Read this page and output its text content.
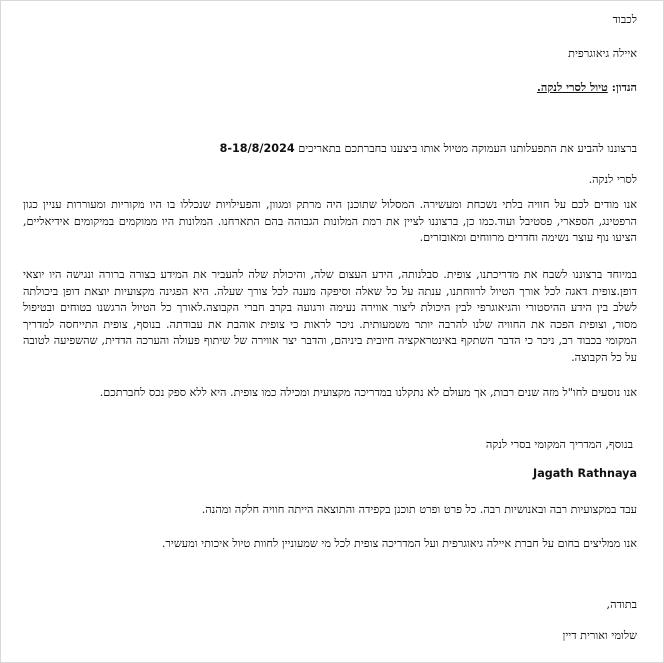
לכבוד
איילה גיאוגרפית
הנדון: טיול לסרי לנקה.
ברצוננו להביע את התפעלותנו העמוקה מטיול אותו ביצענו בחברתכם בתאריכים 8-18/8/2024
לסרי לנקה.
אנו מודים לכם על חוויה בלתי נשכחת ומעשירה. המסלול שתוכנן היה מרתק ומגוון, והפעילויות שנכללו בו היו מקוריות ומעוררות עניין כגון הרפטינג, הספארי, פסטיבל ועוד.כמו כן, ברצוננו לציין את רמת המלונות הגבוהה בהם התארחנו. המלונות היו ממוקמים במיקומים אידיאליים, הציעו נוף עוצר נשימה וחדרים מרווחים ומאובזרים.
במיוחד ברצוננו לשבח את מדריכתנו, צופית. סבלנותה, הידע העצום שלה, והיכולת שלה להעביר את המידע בצורה ברורה ונגישה היו יוצאי דופן.צופית דאגה לכל אורך הטיול לרווחתנו, ענתה על כל שאלה וסיפקה מענה לכל צורך שעלה. היא הפגינה מקצועיות יוצאת דופן ביכולתה לשלב בין הידע ההיסטורי והגיאוגרפי לבין היכולת ליצור אווירה נעימה ורגועה בקרב חברי הקבוצה.לאורך כל הטיול הרגשנו בטוחים ובטיפול מסור, וצופית הפכה את החוויה שלנו להרבה יותר משמעותית. ניכר לראות כי צופית אוהבת את עבודתה. בנוסף, צופית התייחסה למדריך המקומי בכבוד רב, ניכר כי הדבר השתקף באינטראקציה חיובית ביניהם, והדבר יצר אווירה של שיתוף פעולה והערכה הדדית, שהשפיעה לטובה על כל הקבוצה.
אנו נוסעים לחו"ל מזה שנים רבות, אך מעולם לא נתקלנו במדריכה מקצועית ומכילה כמו צופית. היא ללא ספק נכס לחברתכם.
בנוסף, המדריך המקומי בסרי לנקה
Jagath Rathnaya
עבד במקצועיות רבה ובאנושיות רבה. כל פרט ופרט תוכנן בקפידה והתוצאה הייתה חוויה חלקה ומהנה.
אנו ממליצים בחום על חברת איילה גיאוגרפית ועל המדריכה צופית לכל מי שמעוניין לחוות טיול איכותי ומעשיר.
בתודה,
שלומי ואורית דיין
